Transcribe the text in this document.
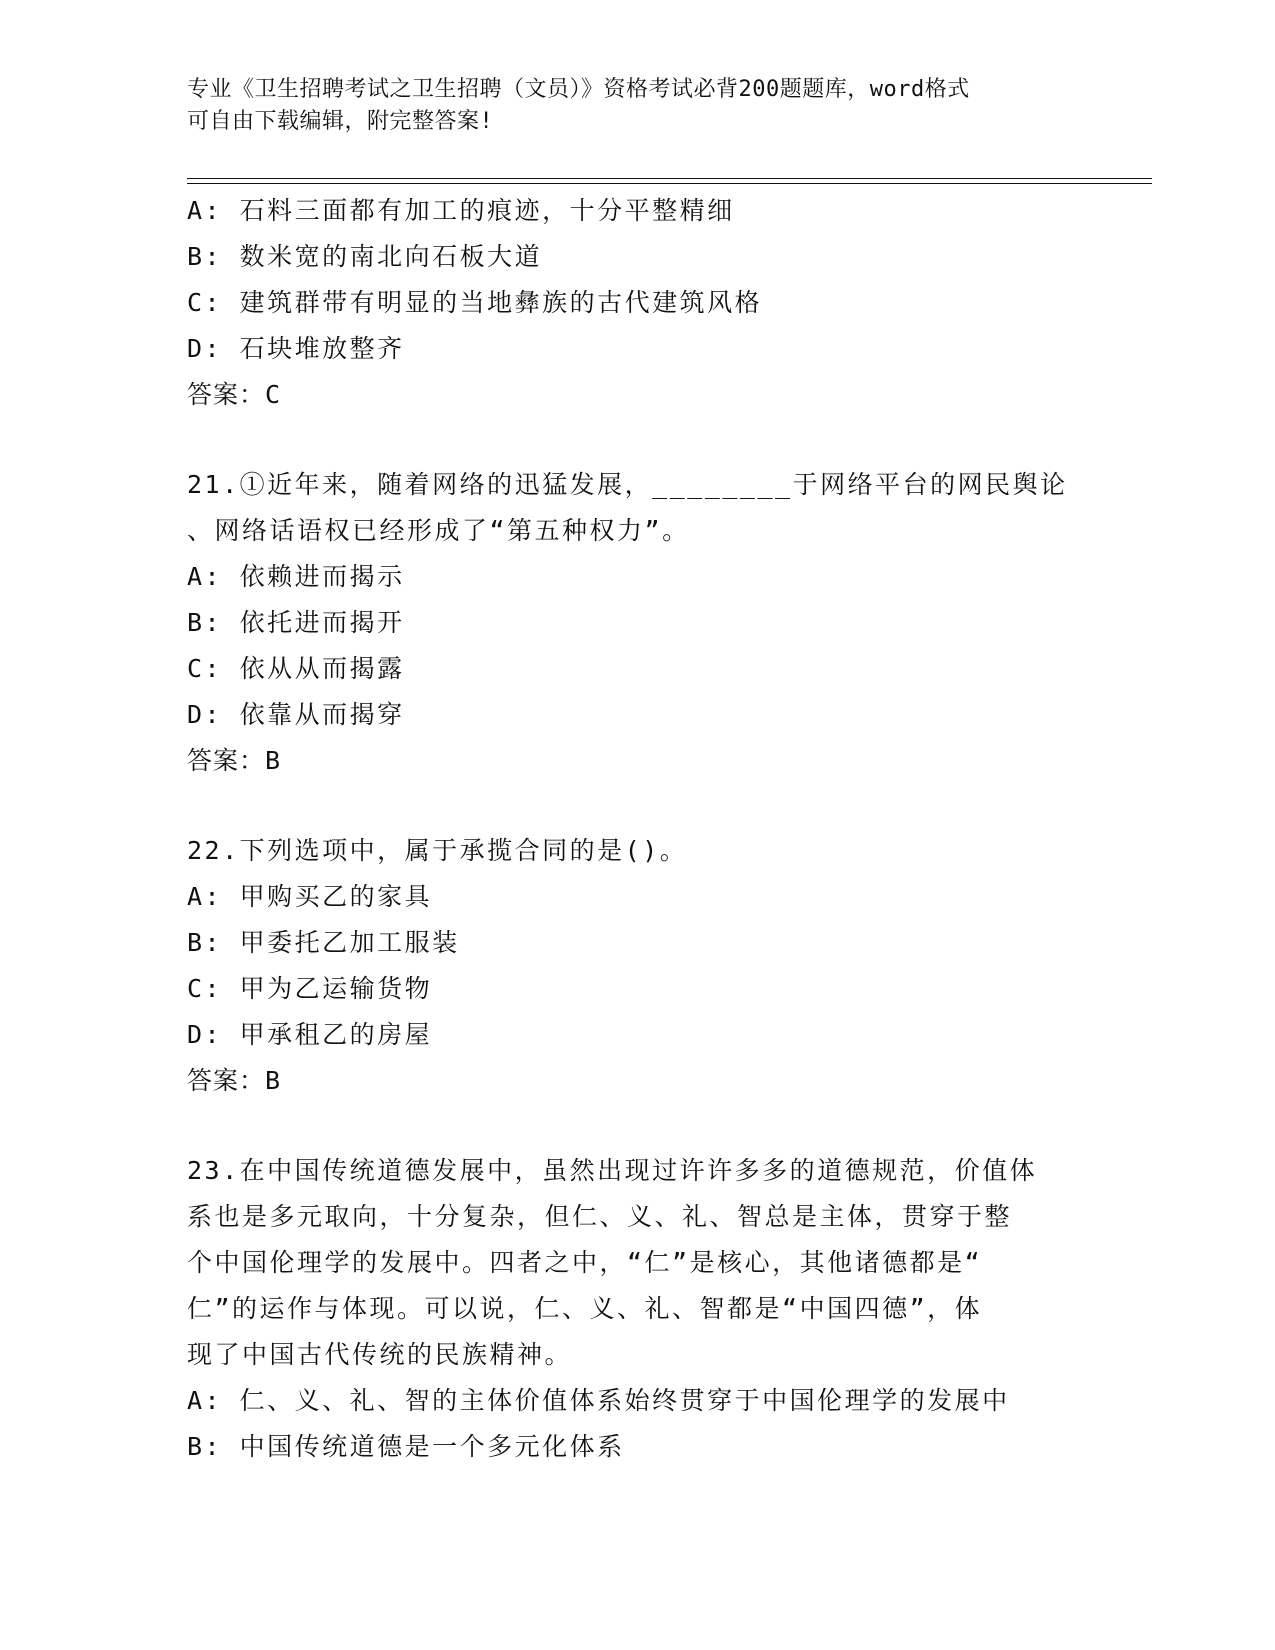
专业《卫生招聘考试之卫生招聘（文员）》资格考试必背200题题库，word格式
可自由下载编辑，附完整答案!
A: 石料三面都有加工的痕迹，十分平整精细
B: 数米宽的南北向石板大道
C: 建筑群带有明显的当地彝族的古代建筑风格
D: 石块堆放整齐
答案：C
21.①近年来，随着网络的迅猛发展，________于网络平台的网民舆论
、网络话语权已经形成了“第五种权力”。
A: 依赖进而揭示
B: 依托进而揭开
C: 依从从而揭露
D: 依靠从而揭穿
答案：B
22.下列选项中，属于承揽合同的是()。
A: 甲购买乙的家具
B: 甲委托乙加工服装
C: 甲为乙运输货物
D: 甲承租乙的房屋
答案：B
23.在中国传统道德发展中，虽然出现过许许多多的道德规范，价值体
系也是多元取向，十分复杂，但仁、义、礼、智总是主体，贯穿于整
个中国伦理学的发展中。四者之中，“仁”是核心，其他诸德都是“
仁”的运作与体现。可以说，仁、义、礼、智都是“中国四德”，体
现了中国古代传统的民族精神。
A: 仁、义、礼、智的主体价值体系始终贯穿于中国伦理学的发展中
B: 中国传统道德是一个多元化体系
